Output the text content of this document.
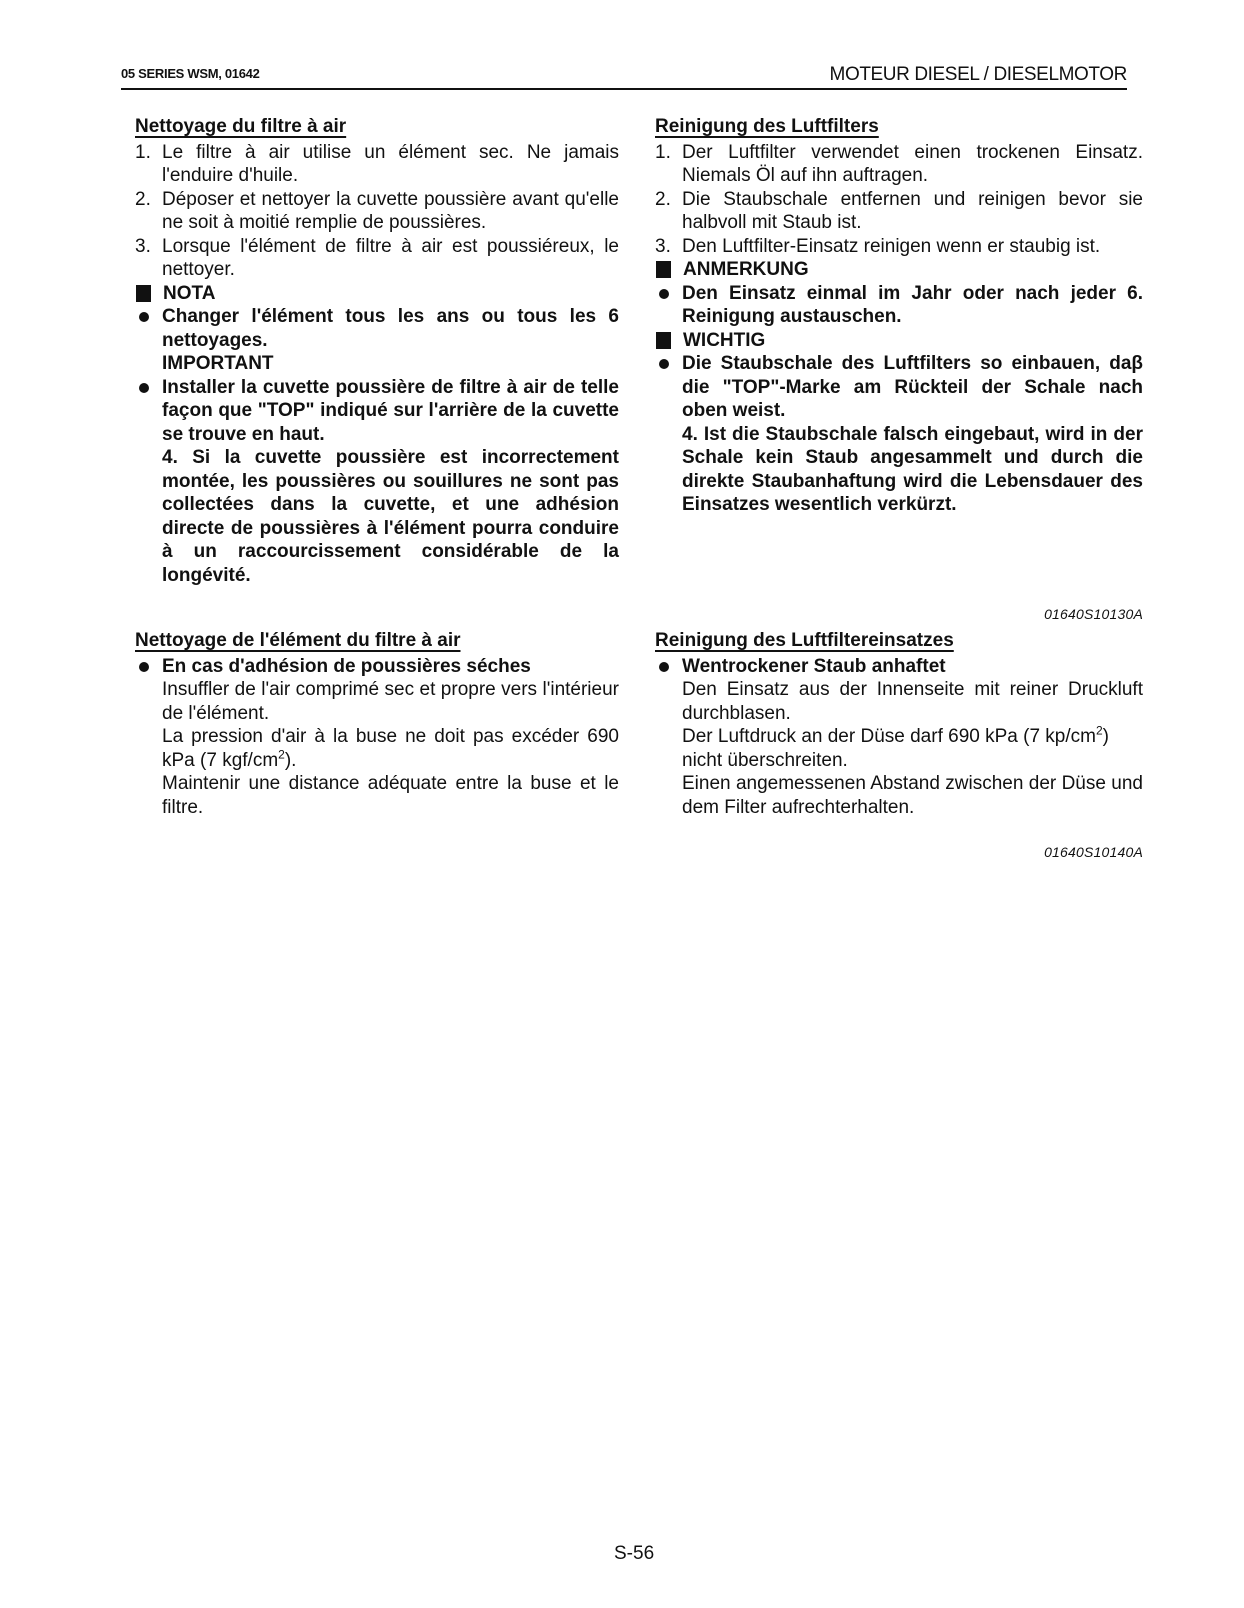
05 SERIES WSM, 01642	MOTEUR DIESEL / DIESELMOTOR
Nettoyage du filtre à air
1. Le filtre à air utilise un élément sec. Ne jamais l'enduire d'huile.
2. Déposer et nettoyer la cuvette poussière avant qu'elle ne soit à moitié remplie de poussières.
3. Lorsque l'élément de filtre à air est poussiéreux, le nettoyer.
NOTA
Changer l'élément tous les ans ou tous les 6 nettoyages.
IMPORTANT
Installer la cuvette poussière de filtre à air de telle façon que "TOP" indiqué sur l'arrière de la cuvette se trouve en haut.
4. Si la cuvette poussière est incorrectement montée, les poussières ou souillures ne sont pas collectées dans la cuvette, et une adhésion directe de poussières à l'élément pourra conduire à un raccourcissement considérable de la longévité.
Nettoyage de l'élément du filtre à air
En cas d'adhésion de poussières séches
Insuffler de l'air comprimé sec et propre vers l'intérieur de l'élément.
La pression d'air à la buse ne doit pas excéder 690 kPa (7 kgf/$cm^2$).
Maintenir une distance adéquate entre la buse et le filtre.
Reinigung des Luftfilters
1. Der Luftfilter verwendet einen trockenen Einsatz. Niemals Öl auf ihn auftragen.
2. Die Staubschale entfernen und reinigen bevor sie halbvoll mit Staub ist.
3. Den Luftfilter-Einsatz reinigen wenn er staubig ist.
ANMERKUNG
Den Einsatz einmal im Jahr oder nach jeder 6. Reinigung austauschen.
WICHTIG
Die Staubschale des Luftfilters so einbauen, daβ die "TOP"-Marke am Rückteil der Schale nach oben weist.
4. Ist die Staubschale falsch eingebaut, wird in der Schale kein Staub angesammelt und durch die direkte Staubanhaftung wird die Lebensdauer des Einsatzes wesentlich verkürzt.
01640S10130A
Reinigung des Luftfiltereinsatzes
Wentrockener Staub anhaftet
Den Einsatz aus der Innenseite mit reiner Druckluft durchblasen.
Der Luftdruck an der Düse darf 690 kPa (7 $kp/cm^2$)
nicht überschreiten.
Einen angemessenen Abstand zwischen der Düse und dem Filter aufrechterhalten.
01640S10140A
S-56
